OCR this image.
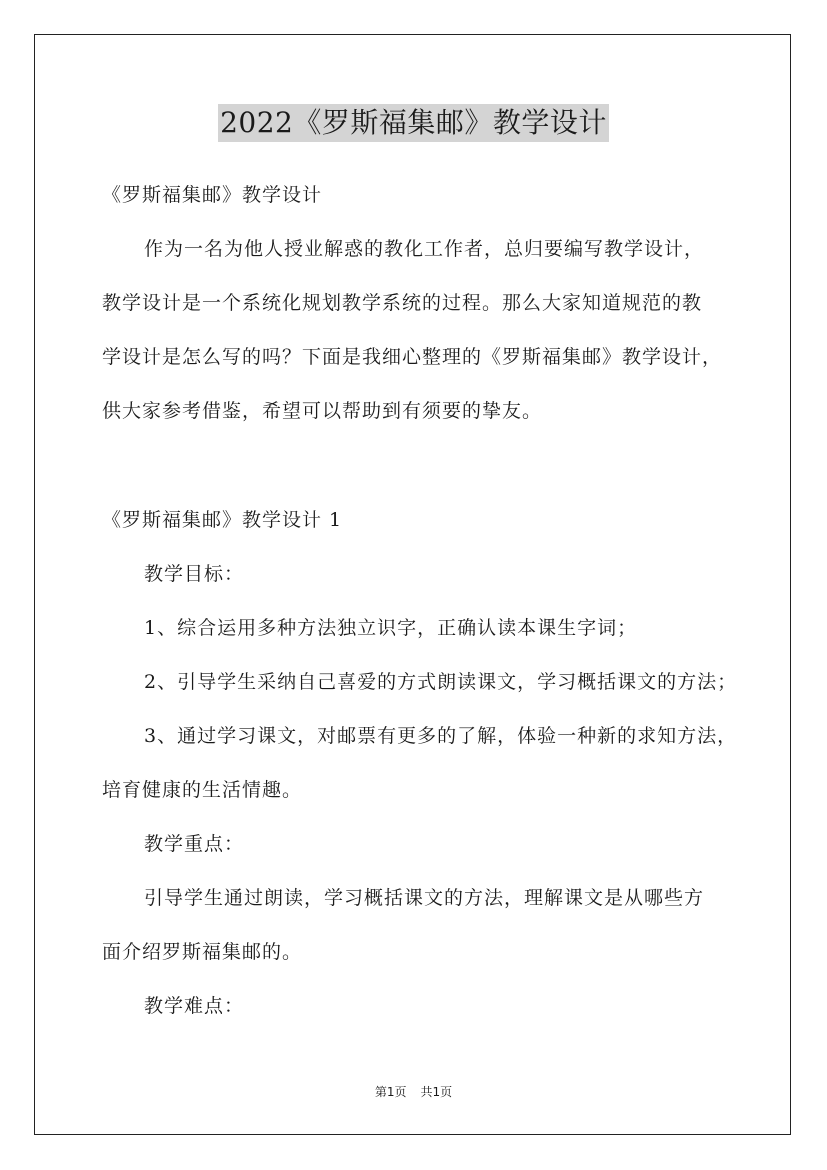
2022《罗斯福集邮》教学设计
《罗斯福集邮》教学设计
作为一名为他人授业解惑的教化工作者，总归要编写教学设计，
教学设计是一个系统化规划教学系统的过程。那么大家知道规范的教
学设计是怎么写的吗？下面是我细心整理的《罗斯福集邮》教学设计，
供大家参考借鉴，希望可以帮助到有须要的挚友。
《罗斯福集邮》教学设计 1
教学目标：
1、综合运用多种方法独立识字，正确认读本课生字词；
2、引导学生采纳自己喜爱的方式朗读课文，学习概括课文的方法；
3、通过学习课文，对邮票有更多的了解，体验一种新的求知方法，
培育健康的生活情趣。
教学重点：
引导学生通过朗读，学习概括课文的方法，理解课文是从哪些方
面介绍罗斯福集邮的。
教学难点：
第1页 共1页
